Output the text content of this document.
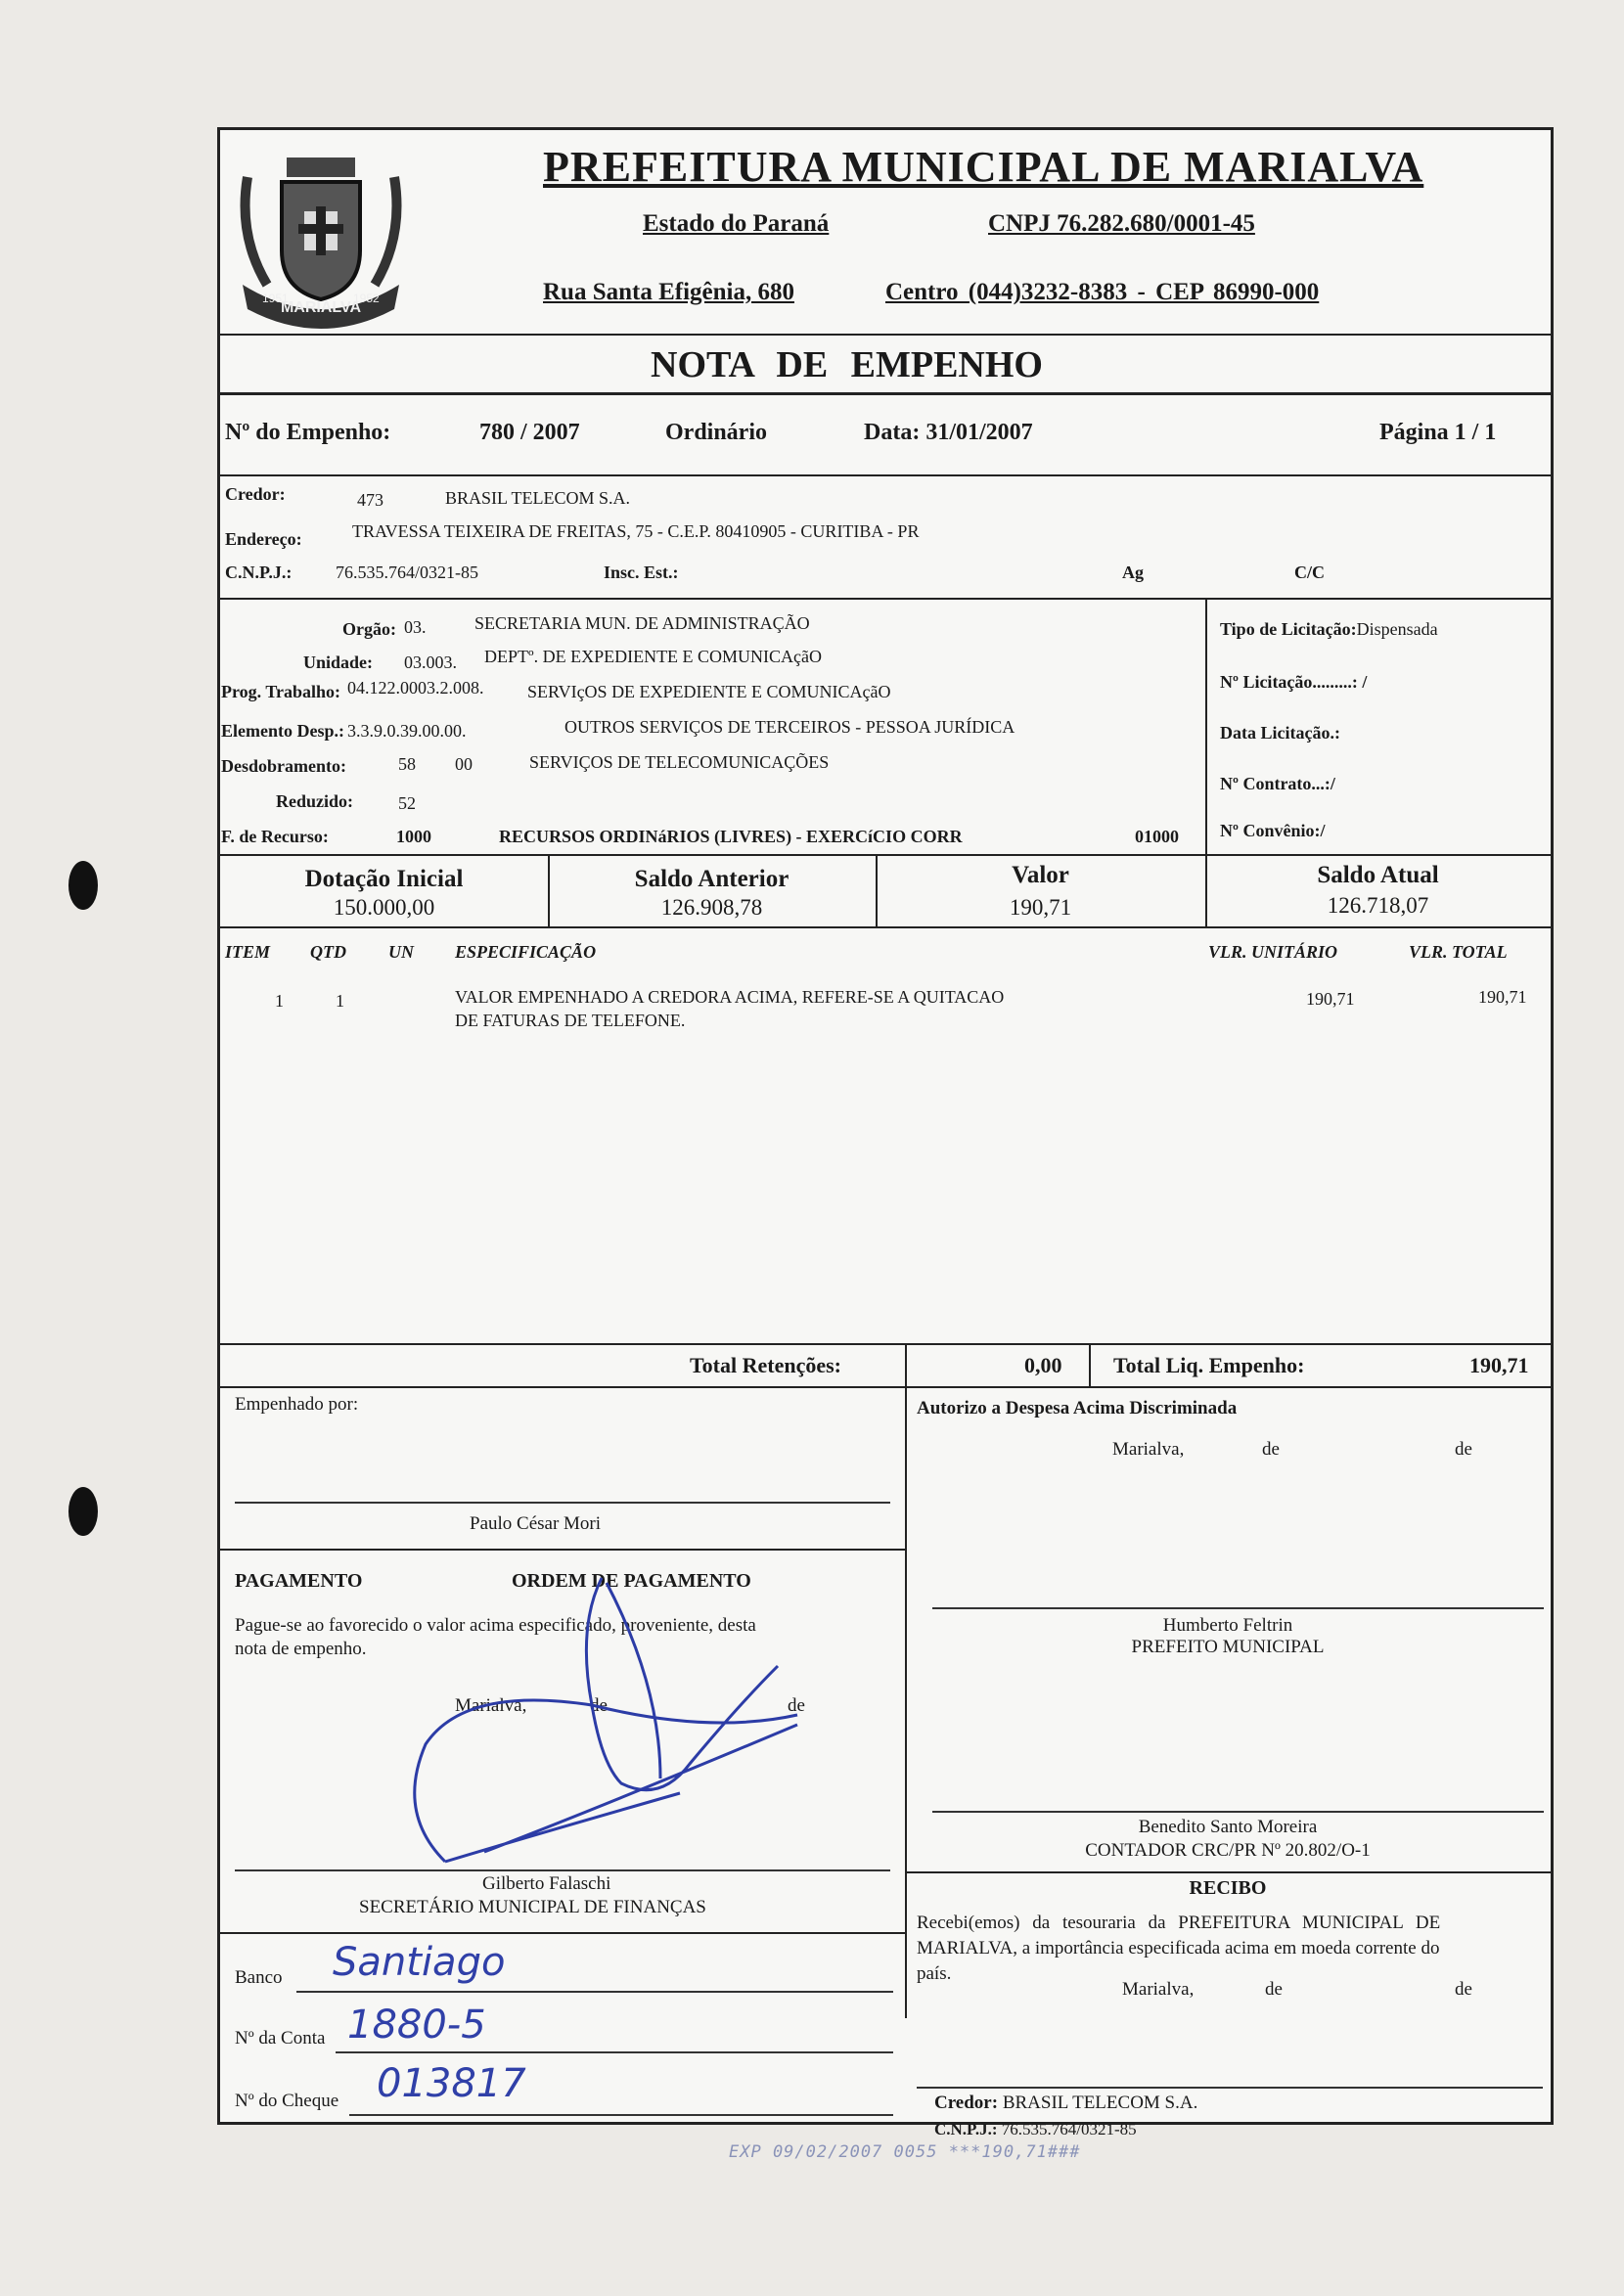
MARIALVA
1951	1952
PREFEITURA MUNICIPAL DE MARIALVA
Estado do Paraná	CNPJ 76.282.680/0001-45
Rua Santa Efigênia, 680	Centro (044)3232-8383 - CEP 86990-000
NOTA DE EMPENHO
Nº do Empenho:	780 / 2007	Ordinário	Data: 31/01/2007	Página 1 / 1
Credor:	473	BRASIL TELECOM S.A.
Endereço:	TRAVESSA TEIXEIRA DE FREITAS, 75 - C.E.P. 80410905 - CURITIBA - PR
C.N.P.J.: 76.535.764/0321-85	Insc. Est.:	Ag	C/C
Orgão: 03.	SECRETARIA MUN. DE ADMINISTRAÇÃO
Unidade: 03.003. DEPTº. DE EXPEDIENTE E COMUNICAçãO
Prog. Trabalho: 04.122.0003.2.008. SERVIçOS DE EXPEDIENTE E COMUNICAçãO
Elemento Desp.: 3.3.9.0.39.00.00.	OUTROS SERVIÇOS DE TERCEIROS - PESSOA JURÍDICA
Desdobramento:	58 00	SERVIÇOS DE TELECOMUNICAÇÕES
Reduzido:	52
F. de Recurso:	1000	RECURSOS ORDINáRIOS (LIVRES) - EXERCíCIO CORR	01000
Tipo de Licitação:Dispensada
Nº Licitação.........: /
Data Licitação.:
Nº Contrato...:/
Nº Convênio:/
Dotação Inicial
150.000,00
Saldo Anterior
126.908,78
Valor
190,71
Saldo Atual
126.718,07
ITEM QTD UN ESPECIFICAÇÃO	VLR. UNITÁRIO	VLR. TOTAL
1	1	VALOR EMPENHADO A CREDORA ACIMA, REFERE-SE A QUITACAO
DE FATURAS DE TELEFONE.
190,71	190,71
Total Retenções:	0,00 Total Liq. Empenho:	190,71
Empenhado por:
Paulo César Mori
PAGAMENTO	ORDEM DE PAGAMENTO
Pague-se ao favorecido o valor acima especificado, proveniente, desta
nota de empenho.
Marialva,	de	de
Gilberto Falaschi
SECRETÁRIO MUNICIPAL DE FINANÇAS
Banco Santiago
Nº da Conta 1880-5
Nº do Cheque 013817
Autorizo a Despesa Acima Discriminada
Marialva,	de	de
Humberto Feltrin
PREFEITO MUNICIPAL
Benedito Santo Moreira
CONTADOR CRC/PR Nº 20.802/O-1
RECIBO
Recebi(emos) da tesouraria da PREFEITURA MUNICIPAL DE
MARIALVA, a importância especificada acima em moeda corrente do
país.
Marialva,	de	de
Credor: BRASIL TELECOM S.A.
C.N.P.J.: 76.535.764/0321-85
EXP 09/02/2007 0055 ***190,71###
